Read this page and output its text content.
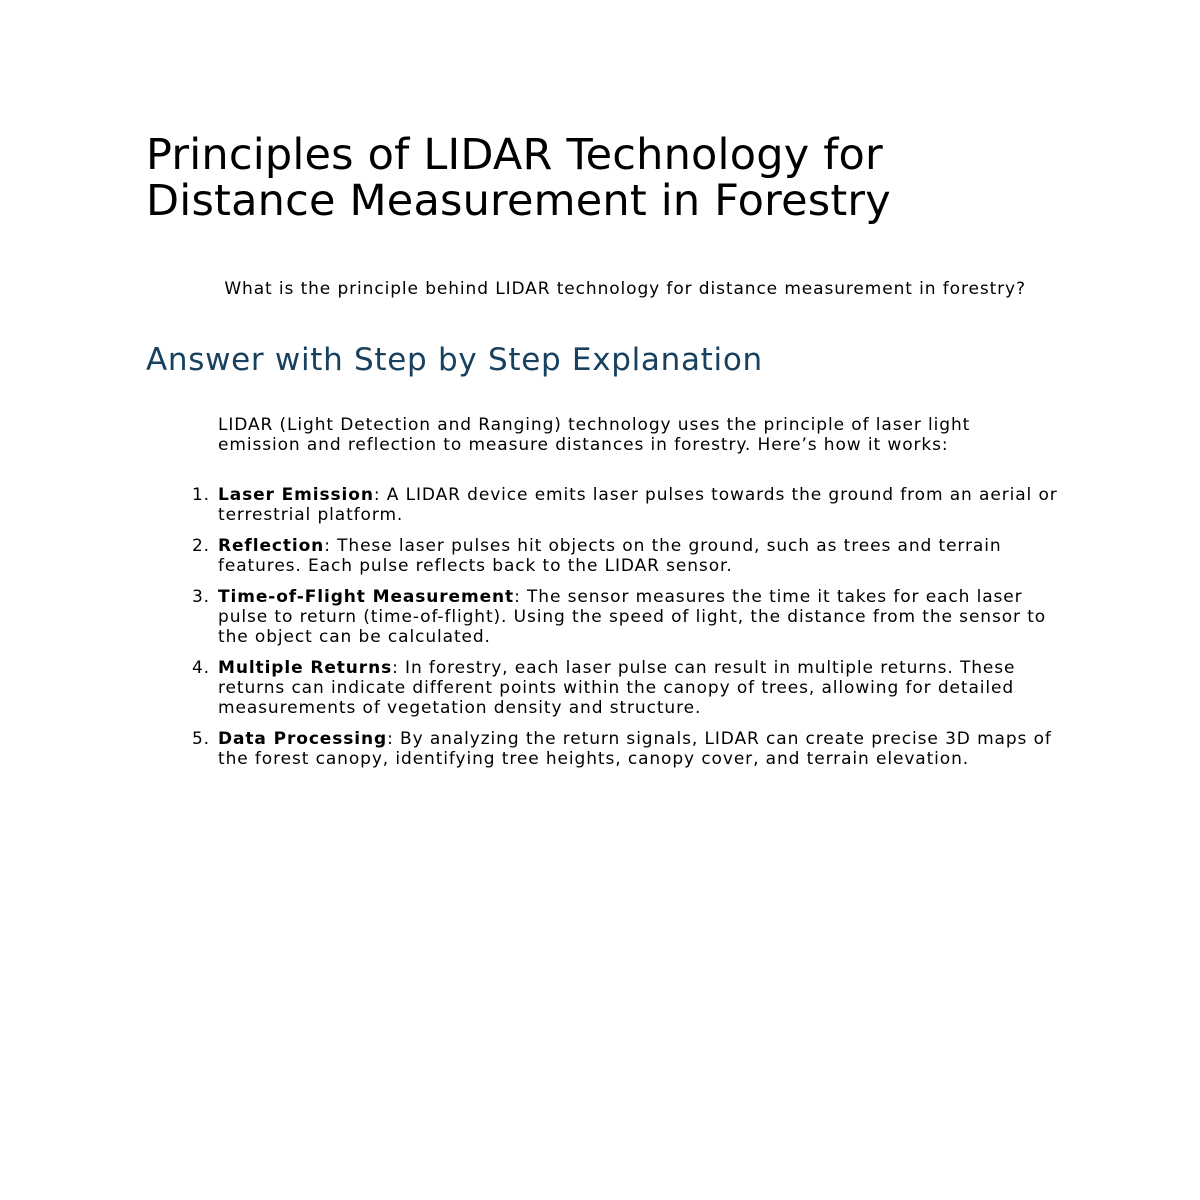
Principles of LIDAR Technology for Distance Measurement in Forestry

What is the principle behind LIDAR technology for distance measurement in forestry?

Answer with Step by Step Explanation

LIDAR (Light Detection and Ranging) technology uses the principle of laser light emission and reflection to measure distances in forestry. Here’s how it works:

1. Laser Emission: A LIDAR device emits laser pulses towards the ground from an aerial or terrestrial platform.
2. Reflection: These laser pulses hit objects on the ground, such as trees and terrain features. Each pulse reflects back to the LIDAR sensor.
3. Time-of-Flight Measurement: The sensor measures the time it takes for each laser pulse to return (time-of-flight). Using the speed of light, the distance from the sensor to the object can be calculated.
4. Multiple Returns: In forestry, each laser pulse can result in multiple returns. These returns can indicate different points within the canopy of trees, allowing for detailed measurements of vegetation density and structure.
5. Data Processing: By analyzing the return signals, LIDAR can create precise 3D maps of the forest canopy, identifying tree heights, canopy cover, and terrain elevation.
